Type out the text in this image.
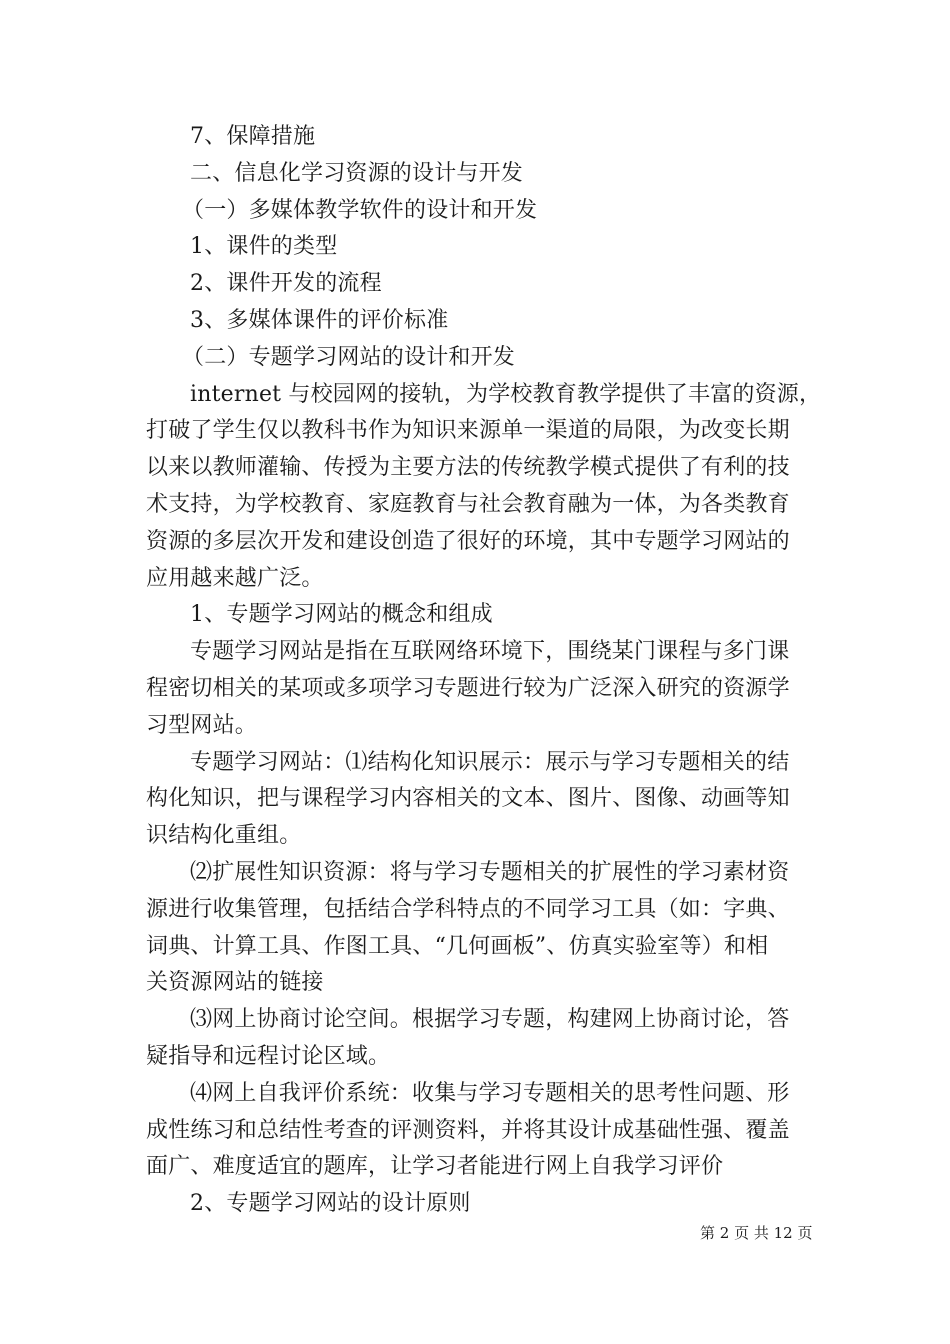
7、保障措施
二、信息化学习资源的设计与开发
（一）多媒体教学软件的设计和开发
1、课件的类型
2、课件开发的流程
3、多媒体课件的评价标准
（二）专题学习网站的设计和开发
internet 与校园网的接轨，为学校教育教学提供了丰富的资源，
打破了学生仅以教科书作为知识来源单一渠道的局限，为改变长期
以来以教师灌输、传授为主要方法的传统教学模式提供了有利的技
术支持，为学校教育、家庭教育与社会教育融为一体，为各类教育
资源的多层次开发和建设创造了很好的环境，其中专题学习网站的
应用越来越广泛。
1、专题学习网站的概念和组成
专题学习网站是指在互联网络环境下，围绕某门课程与多门课
程密切相关的某项或多项学习专题进行较为广泛深入研究的资源学
习型网站。
专题学习网站：⑴结构化知识展示：展示与学习专题相关的结
构化知识，把与课程学习内容相关的文本、图片、图像、动画等知
识结构化重组。
⑵扩展性知识资源：将与学习专题相关的扩展性的学习素材资
源进行收集管理，包括结合学科特点的不同学习工具（如：字典、
词典、计算工具、作图工具、“几何画板”、仿真实验室等）和相
关资源网站的链接
⑶网上协商讨论空间。根据学习专题，构建网上协商讨论，答
疑指导和远程讨论区域。
⑷网上自我评价系统：收集与学习专题相关的思考性问题、形
成性练习和总结性考查的评测资料，并将其设计成基础性强、覆盖
面广、难度适宜的题库，让学习者能进行网上自我学习评价
2、专题学习网站的设计原则
第 2 页 共 12 页
